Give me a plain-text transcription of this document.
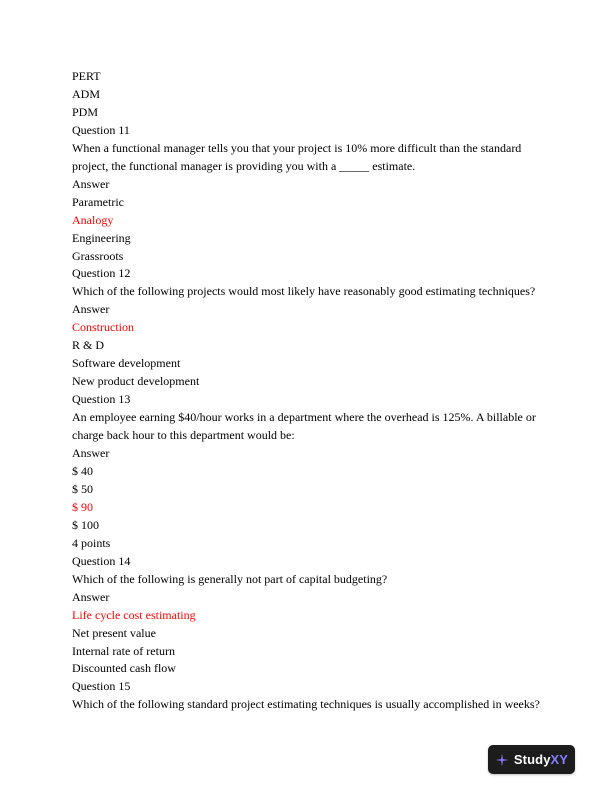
PERT

ADM

PDM

Question 11

When a functional manager tells you that your project is 10% more difficult than the standard project, the functional manager is providing you with a _____ estimate.

Answer

Parametric

Analogy

Engineering

Grassroots

Question 12

Which of the following projects would most likely have reasonably good estimating techniques?

Answer

Construction

R & D

Software development

New product development

Question 13

An employee earning $40/hour works in a department where the overhead is 125%. A billable or charge back hour to this department would be:

Answer

$ 40

$ 50

$ 90

$ 100

4 points

Question 14

Which of the following is generally not part of capital budgeting?

Answer

Life cycle cost estimating

Net present value

Internal rate of return

Discounted cash flow

Question 15

Which of the following standard project estimating techniques is usually accomplished in weeks?

StudyXY
